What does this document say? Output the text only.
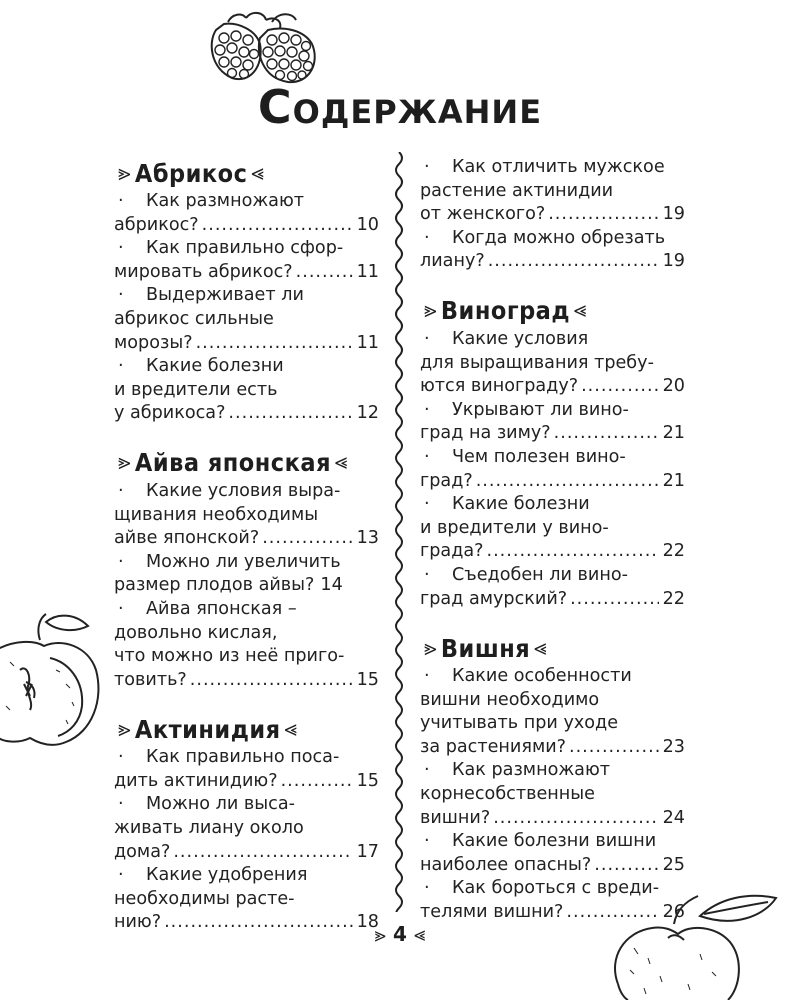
Содержание
⪢ Абрикос ⪡
· Как размножают
абрикос? .....	10
· Как правильно сфор-
мировать абрикос? .....	11
· Выдерживает ли
абрикос сильные
морозы? .....	11
· Какие болезни
и вредители есть
у абрикоса? .....	12
⪢ Айва японская ⪡
· Какие условия выра-
щивания необходимы
айве японской? .....	13
· Можно ли увеличить
размер плодов айвы? 14
· Айва японская –
довольно кислая,
что можно из неё приго-
товить? .....	15
⪢ Актинидия ⪡
· Как правильно поса-
дить актинидию? .....	15
· Можно ли выса-
живать лиану около
дома? .....	17
· Какие удобрения
необходимы расте-
нию? .....	18
· Как отличить мужское
растение актинидии
от женского? .....	19
· Когда можно обрезать
лиану? .....	19
⪢ Виноград ⪡
· Какие условия
для выращивания требу-
ются винограду? .....	20
· Укрывают ли вино-
град на зиму? .....	21
· Чем полезен вино-
град? .....	21
· Какие болезни
и вредители у вино-
града? .....	22
· Съедобен ли вино-
град амурский? .....	22
⪢ Вишня ⪡
· Какие особенности
вишни необходимо
учитывать при уходе
за растениями? .....	23
· Как размножают
корнесобственные
вишни? .....	24
· Какие болезни вишни
наиболее опасны? .....	25
· Как бороться с вреди-
телями вишни? .....	26
⪢ 4 ⪡
